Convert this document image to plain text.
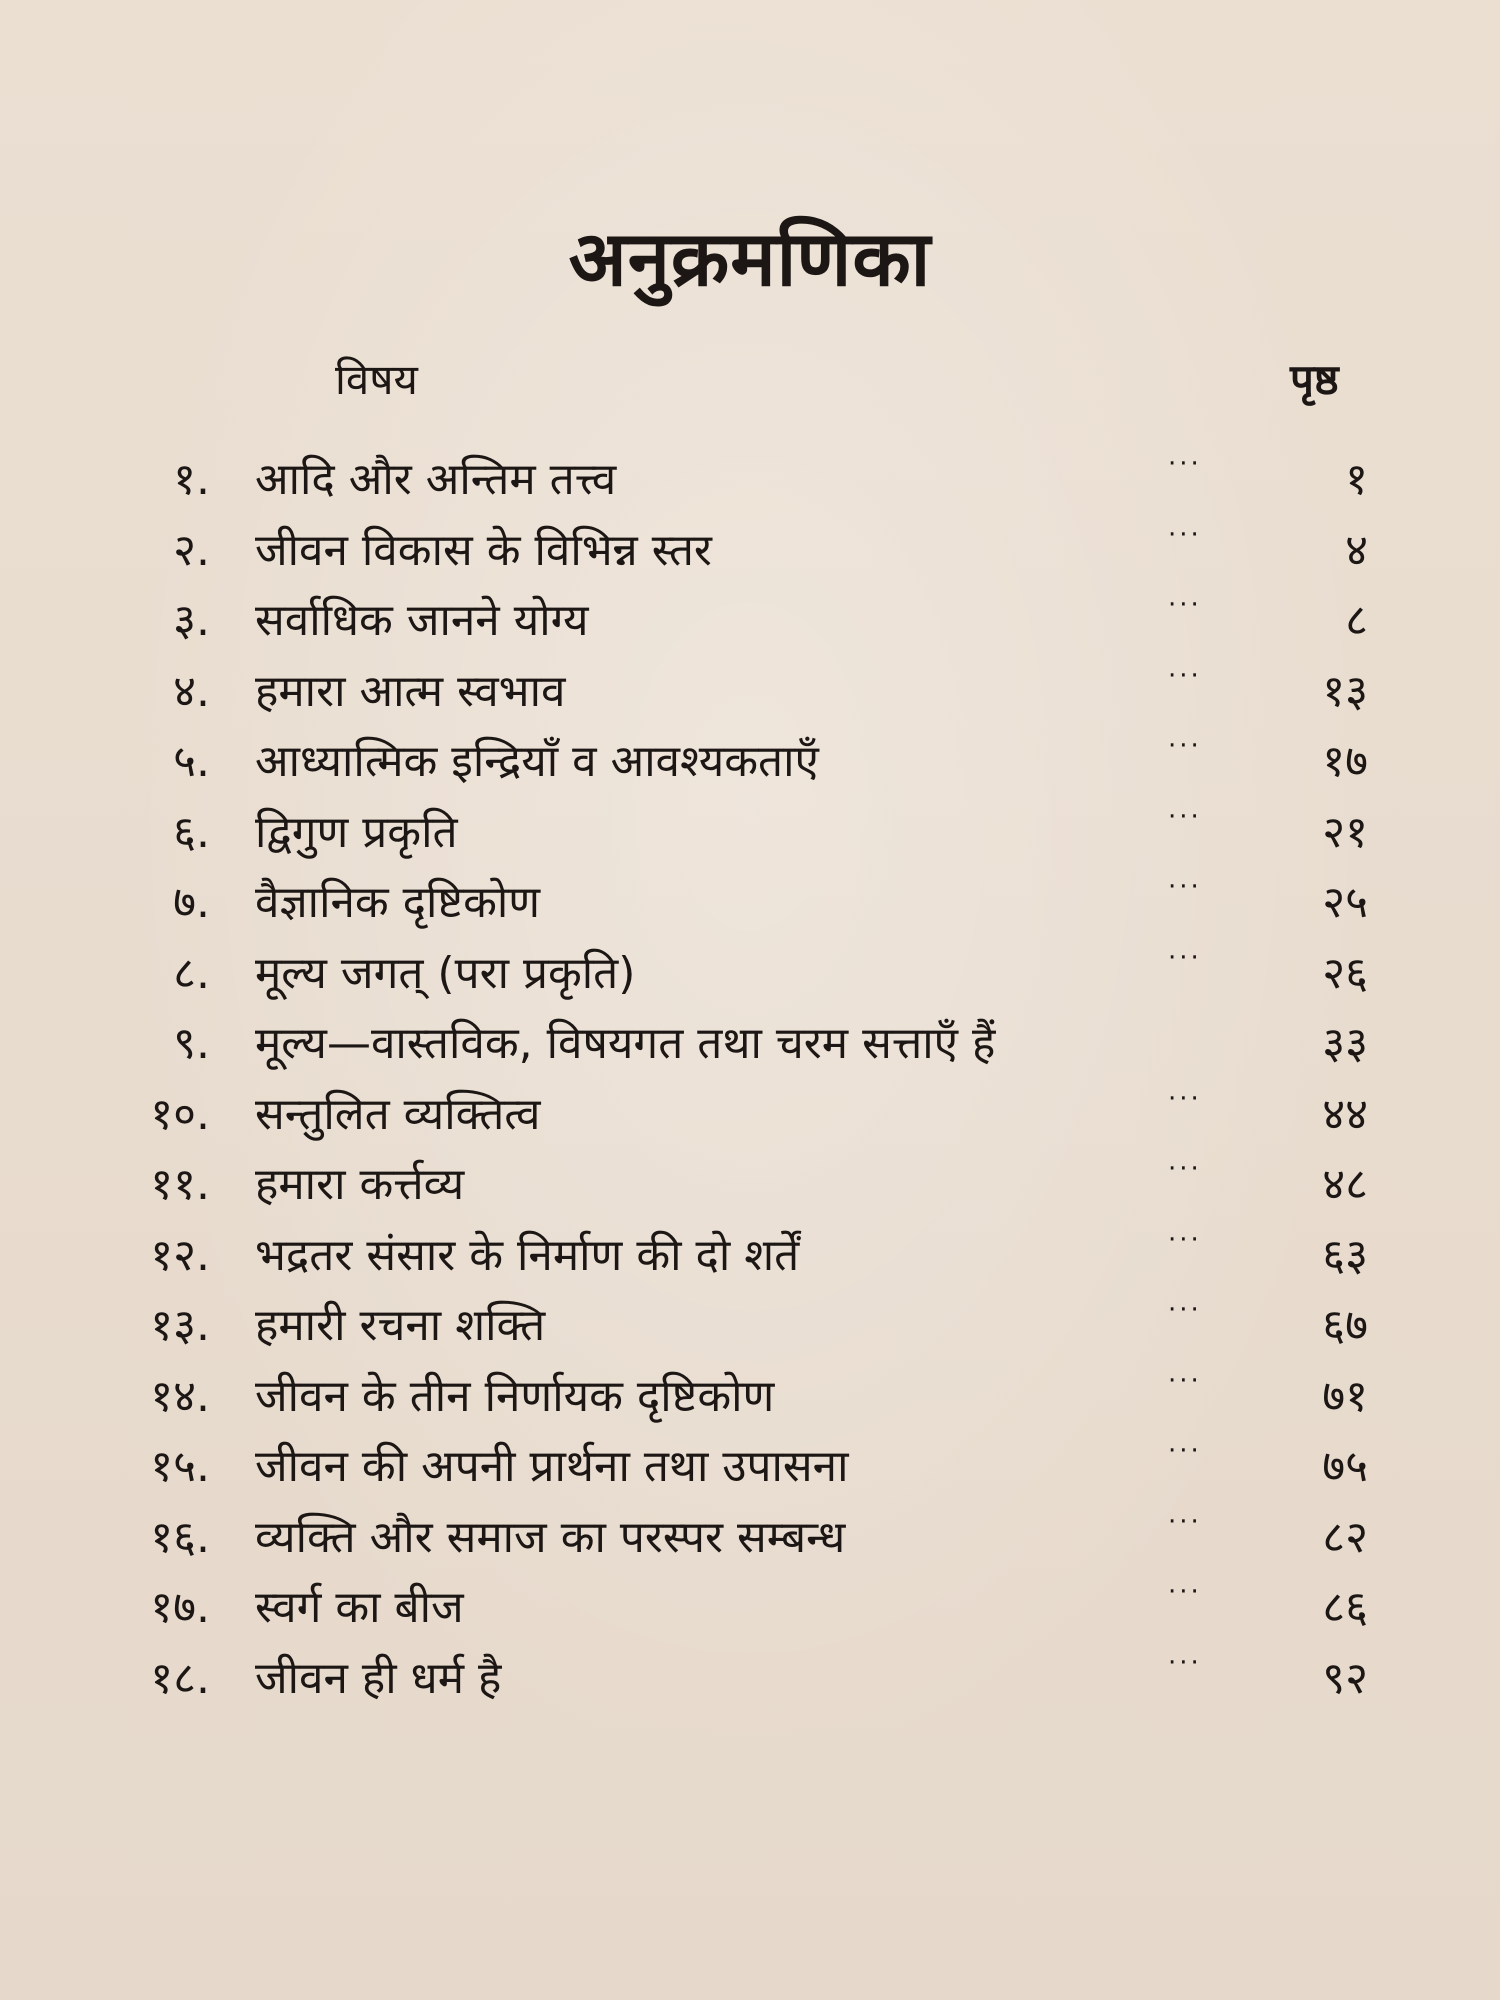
अनुक्रमणिका
विषय	पृष्ठ
१. आदि और अन्तिम तत्त्व	···	१
२. जीवन विकास के विभिन्न स्तर	···	४
३. सर्वाधिक जानने योग्य	···	८
४. हमारा आत्म स्वभाव	···	१३
५. आध्यात्मिक इन्द्रियाँ व आवश्यकताएँ	···	१७
६. द्विगुण प्रकृति	···	२१
७. वैज्ञानिक दृष्टिकोण	···	२५
८. मूल्य जगत् (परा प्रकृति)	···	२६
९. मूल्य—वास्तविक, विषयगत तथा चरम सत्ताएँ हैं	३३
१०. सन्तुलित व्यक्तित्व	···	४४
११. हमारा कर्त्तव्य	···	४८
१२. भद्रतर संसार के निर्माण की दो शर्तें	···	६३
१३. हमारी रचना शक्ति	···	६७
१४. जीवन के तीन निर्णायक दृष्टिकोण	···	७१
१५. जीवन की अपनी प्रार्थना तथा उपासना	···	७५
१६. व्यक्ति और समाज का परस्पर सम्बन्ध	···	८२
१७. स्वर्ग का बीज	···	८६
१८. जीवन ही धर्म है	···	९२
